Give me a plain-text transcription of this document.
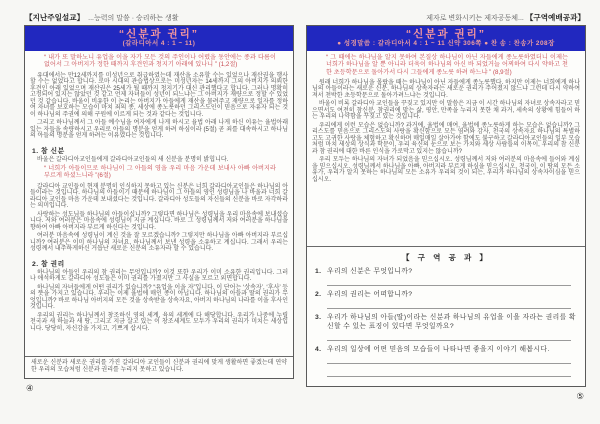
【지난주일설교】 ...능력의 말씀 · 승리하는 생활
“신분과 권리”
(갈라디아서 4 : 1 ~ 11)
“ 내가 또 말하노니 유업을 이을 자가 모든 것의 주인이나 어렸을 동안에는 종과 다름이 없어서 그 아버지가 정한 때까지 후견인과 청지기 아래에 있나니 ” (1,2절)

유대에서는 만12세까지를 미성년으로 취급하였는데 재산을 소유할 수는 있었으나 재산권을 행사할 수는 없었다고 합니다. 로마 시대의 관습법상으로는 미성년자는 14세까지 그의 아버지가 의뢰한 후견인 아래 있었으며 재산권은 25세가 될 때까지 청지기가 대신 관리했다고 합니다. 그러나 명확히 고정되어 있지는 않았던 것 같고 언제 자녀들이 성년이 되느냐는 그 아버지가 재량으로 정할 수 있었던 것 같습니다. 바울이 비유한 이 논리는 아버지가 아들에게 재산을 물려주고 재량으로 일자를 정하여 자녀를 보호하는 모습이 마치 죄의 종, 세상에 종노릇하던 그리스도인이 믿음으로 자유자 되는 것이 하나님의 주권에 의해 구원에 이르게 되는 것과 같다는 것입니다.

그리고 하나님께서 그 아들 예수님을 여자에게 나게 하시고 율법 아래 나게 하신 이유는 율법아래 있는 자들을 속량하시고 우리로 아들의 명분을 얻게 하려 하심이라 (5절) 곧 죄를 대속하시고 하나님의 아들의 명분을 얻게 하려는 이유였다는 것입니다.

1. 참 신분

바울은 갈라디아교인들에게 갈라디아교인들의 새 신분을 분명히 밝힙니다.

“ 너희가 아들이므로 하나님이 그 아들의 영을 우리 마음 가운데 보내사 아빠 아버지라 부르게 하셨느니라 ”(6절)

갈라디아 교인들이 현재 분명히 인식하지 못하고 있는 신분은 너희 갈라디아교인들은 하나님의 아들이라는 것입니다. 하나님의 아들이기 때문에 하나님이 그 아들의 영인 성령님을 나 바울과 너희 갈라디아 교인들 마음 가운데 보내셨다는 것입니다. 갈라디아 성도들의 자신들의 신분을 바로 자각하라는 의미입니다.

사랑하는 성도님들 하나님의 아들이십니까? 그렇다면 하나님은 성령님을 우리 마음속에 보내셨습니다. 저와 여러분은 마음속에 성령님이 지금 계십니다. 바로 그 성령님께서 저와 여러분을 하나님을 향하여 아빠 아버지라 부르게 하신다는 것입니다.

여러분 마음속에 성령님이 계신 것을 잘 모르겠습니까? 그렇지만 하나님을 아빠 아버지라 부르십니까? 여러분은 이미 하나님의 자녀요, 하나님께서 보낸 성령을 소유하고 계십니다. 그래서 우리는 성령께서 내주하게하신 거듭난 새로운 신분의 소유자라 할 수 있습니다.

2. 참 권리

하나님의 아들인 우리의 참 권리는 무엇입니까? 이것 또한 우리가 이미 소유한 권리입니다. 그러나 애석하게도 갈라디아 성도들은 이미 권리를 가졌지만 그 사실을 모르고 외면합니다.

하나님의 자녀들에게 어떤 권리가 있습니까? “유업을 이을 자”입니다. 이 단어는 ‘상속자’, ‘후사’ 등의 뜻을 가지고 있습니다. 우리는 이제 율법에 매인 종이 아닙니다. 하나님의 아들과 딸의 권리가 무엇입니까? 바로 하나님 아버지의 모든 것을 상속받을 상속자요, 아버지 하나님의 나라를 이을 후사인 것입니다.

우리의 권리는 하나님께서 창조하신 영의 세계, 육의 세계에 다 해당합니다. 우리가 나중에 누릴 천국과 새 하늘과 새 땅, 그리고 지금 살고 있는 이 창조세계도 모두가 우리의 권리가 미치는 세상입니다. 당당히, 자신감을 가지고, 기쁘게 삽시다.

새로운 신분과 새로운 권리를 가진 갈라디아 교인들이 신분과 권리에 맞게 생활하면 좋겠는데 연약한 우리의 모습처럼 신분과 권리를 누리지 못하고 있습니다.
④
제자로 변화시키는 제자공동체... 【구역예배공과】
“신분과 권리”
● 성경말씀 : 갈라디아서 4 : 1 ~ 11 신약 306쪽 ● 찬 송 : 찬송가 208장
“ 그 때에는 하나님을 알지 못하여 본질상 하나님이 아닌 자들에게 종노릇하였더니 이제는 너희가 하나님을 알 뿐 아니라 더욱이 하나님의 아신 바 되었거늘 어찌하여 다시 약하고 천한 초등학문으로 돌아가서 다시 그들에게 종노릇 하려 하느냐 ” (8,9절)

원래 너희가 하나님을 몰랐을 때는 하나님이 아닌 자들에게 종노릇했다. 하지만 이제는 너희에게 하나님의 아들이라는 새로운 신분, 하나님의 상속자라는 새로운 권리가 주어졌지 않느냐 그런데 다시 약하여져서 천박한 초등학문으로 돌아가려느냐는 것입니다.

바울이 비록 갈라디아 교인들을 꾸짖고 있지만 이 말씀은 지금 이 시간 하나님의 자녀로 상속자라고 믿으면서도 여전히 참신분, 참권리에 맞는 삶, 평안, 만족을 누리지 못한 채 과거, 세속의 상황에 힘들어 하는 우리의 나약함을 꾸짖고 있는 것입니다.

우리에게 이런 모습은 없습니까? 과거에, 율법에 매여, 율법에 종노릇하게 하는 모습은 없습니까? 그리스도를 믿음으로 그리스도의 사랑을 확신함으로 모든 염려와 감사, 천국의 상속자요 하나님의 특별하고도 고귀한 사랑을 체험하고 확신하며 매일매일 살아가야 함에도 불구하고 갈라디아교인들의 일부 모습처럼 마치 세상의 상식과 학문이, 우리 육신의 눈으로 보는 가치와 세상 사람들의 이목이, 우리의 참 신분과 참 권리에 대한 바른 인식을 가로막고 있지는 않습니까?

우리 모두는 하나님의 자녀가 되었음을 믿으십시오. 성령님께서 저와 여러분의 마음속에 들어와 계심을 믿으십시오. 성령님께서 하나님을 아빠, 아버지라 부르게 하심을 믿으십시오. 천국이, 이 땅의 모든 소유가, 우리가 알지 못하는 하나님의 모든 소유가 우리의 것이 되는, 우리가 하나님의 상속자이심을 믿으십시오.

【 구 역 공 과 】
1. 우리의 신분은 무엇입니까?
2. 우리의 권리는 어떠합니까?
3. 우리가 하나님의 아들(딸)이라는 신분과 하나님의 유업을 이을 자라는 권리를 확신할 수 있는 표징이 있다면 무엇일까요?
4. 우리의 일상에 어떤 믿음의 모습들이 나타나면 좋을지 이야기 해봅시다.
⑤
